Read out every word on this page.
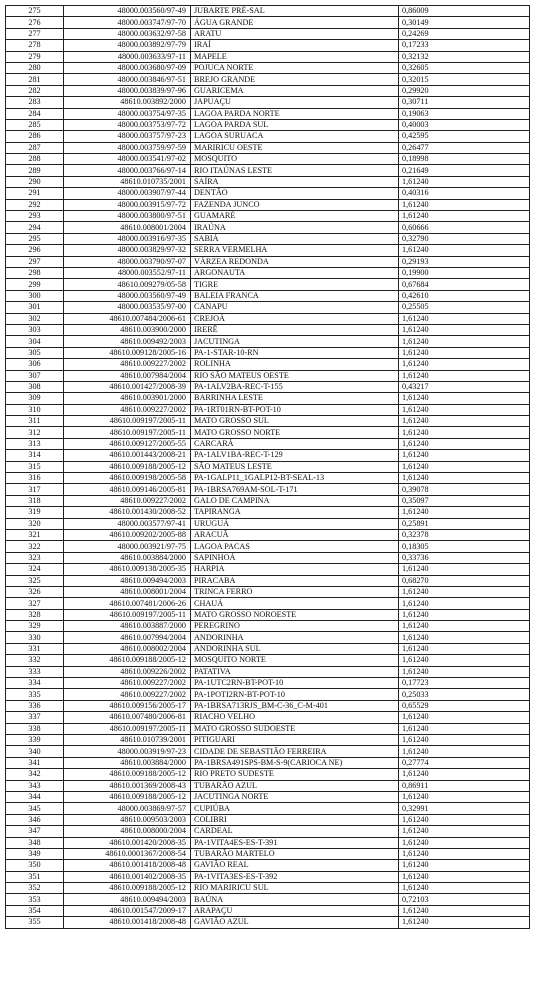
275	48000.003560/97-49	JUBARTE PRÉ-SAL	0,86009
276	48000.003747/97-70	ÁGUA GRANDE	0,30149
277	48000.003632/97-58	ARATU	0,24269
278	48000.003892/97-79	IRAÍ	0,17233
279	48000.003633/97-11	MAPELE	0,32132
280	48000.003680/97-09	POJUCA NORTE	0,32605
281	48000.003846/97-51	BREJO GRANDE	0,32015
282	48000.003839/97-96	GUARICEMA	0,29920
283	48610.003892/2000	JAPUAÇU	0,30711
284	48000.003754/97-35	LAGOA PARDA NORTE	0,19063
285	48000.003753/97-72	LAGOA PARDA SUL	0,40003
286	48000.003757/97-23	LAGOA SURUACA	0,42595
287	48000.003759/97-59	MARIRICU OESTE	0,26477
288	48000.003541/97-02	MOSQUITO	0,18998
289	48000.003766/97-14	RIO ITAÚNAS LESTE	0,21649
290	48610.010735/2001	SAÍRA	1,61240
291	48000.003907/97-44	DENTÃO	0,40316
292	48000.003915/97-72	FAZENDA JUNCO	1,61240
293	48000.003800/97-51	GUAMARÉ	1,61240
294	48610.008001/2004	IRAÚNA	0,60666
295	48000.003916/97-35	SABIÁ	0,32790
296	48000.003829/97-32	SERRA VERMELHA	1,61240
297	48000.003790/97-07	VÁRZEA REDONDA	0,29193
298	48000.003552/97-11	ARGONAUTA	0,19900
299	48610.009279/05-58	TIGRE	0,67684
300	48000.003560/97-49	BALEIA FRANCA	0,42610
301	48000.003535/97-00	CANAPU	0,25505
302	48610.007484/2006-61	CREJOÁ	1,61240
303	48610.003900/2000	IRERÊ	1,61240
304	48610.009492/2003	JACUTINGA	1,61240
305	48610.009128/2005-16	PA-1-STAR-10-RN	1,61240
306	48610.009227/2002	ROLINHA	1,61240
307	48610.007984/2004	RIO SÃO MATEUS OESTE	1,61240
308	48610.001427/2008-39	PA-1ALV2BA-REC-T-155	0,43217
309	48610.003901/2000	BARRINHA LESTE	1,61240
310	48610.009227/2002	PA-1RT01RN-BT-POT-10	1,61240
311	48610.009197/2005-11	MATO GROSSO SUL	1,61240
312	48610.009197/2005-11	MATO GROSSO NORTE	1,61240
313	48610.009127/2005-55	CARCARÁ	1,61240
314	48610.001443/2008-21	PA-1ALV1BA-REC-T-129	1,61240
315	48610.009188/2005-12	SÃO MATEUS LESTE	1,61240
316	48610.009198/2005-58	PA-1GALP11_1GALP12-BT-SEAL-13	1,61240
317	48610.009146/2005-81	PA-1BRSA769AM-SOL-T-171	0,39078
318	48610.009227/2002	GALO DE CAMPINA	0,35097
319	48610.001430/2008-52	TAPIRANGA	1,61240
320	48000.003577/97-41	URUGUÁ	0,25891
321	48610.009202/2005-88	ARACUÃ	0,32378
322	48000.003921/97-75	LAGOA PACAS	0,18305
323	48610.003884/2000	SAPINHOÁ	0,33736
324	48610.009138/2005-35	HARPIA	1,61240
325	48610.009494/2003	PIRACABA	0,68270
326	48610.008001/2004	TRINCA FERRO	1,61240
327	48610.007481/2006-26	CHAUÁ	1,61240
328	48610.009197/2005-11	MATO GROSSO NOROESTE	1,61240
329	48610.003887/2000	PEREGRINO	1,61240
330	48610.007994/2004	ANDORINHA	1,61240
331	48610.008002/2004	ANDORINHA SUL	1,61240
332	48610.009188/2005-12	MOSQUITO NORTE	1,61240
333	48610.009226/2002	PATATIVA	1,61240
334	48610.009227/2002	PA-1UTC2RN-BT-POT-10	0,17723
335	48610.009227/2002	PA-1POTI2RN-BT-POT-10	0,25033
336	48610.009156/2005-17	PA-1BRSA713RJS_BM-C-36_C-M-401	0,65529
337	48610.007480/2006-81	RIACHO VELHO	1,61240
338	48610.009197/2005-11	MATO GROSSO SUDOESTE	1,61240
339	48610.010739/2001	PITIGUARI	1,61240
340	48000.003919/97-23	CIDADE DE SEBASTIÃO FERREIRA	1,61240
341	48610.003884/2000	PA-1BRSA491SPS-BM-S-9(CARIOCA NE)	0,27774
342	48610.009188/2005-12	RIO PRETO SUDESTE	1,61240
343	48610.001369/2008-43	TUBARÃO AZUL	0,86911
344	48610.009188/2005-12	JACUTINGA NORTE	1,61240
345	48000.003869/97-57	CUPIÚBA	0,32991
346	48610.009503/2003	COLIBRI	1,61240
347	48610.008000/2004	CARDEAL	1,61240
348	48610.001420/2008-35	PA-1VITA4ES-ES-T-391	1,61240
349	48610.0001367/2008-54	TUBARÃO MARTELO	1,61240
350	48610.001418/2008-48	GAVIÃO REAL	1,61240
351	48610.001402/2008-35	PA-1VITA3ES-ES-T-392	1,61240
352	48610.009188/2005-12	RIO MARIRICU SUL	1,61240
353	48610.009494/2003	BAÚNA	0,72103
354	48610.001547/2009-17	ARAPAÇU	1,61240
355	48610.001418/2008-48	GAVIÃO AZUL	1,61240
